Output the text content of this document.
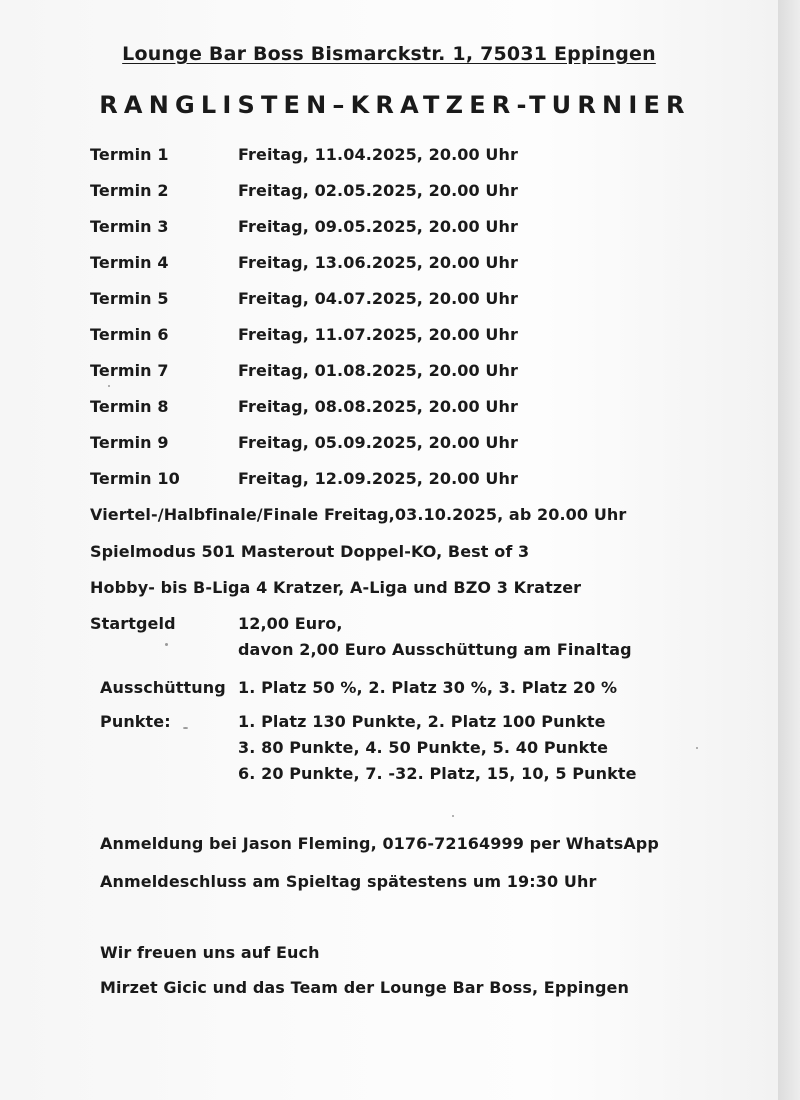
Lounge Bar Boss Bismarckstr. 1, 75031 Eppingen
RANGLISTEN–KRATZER-TURNIER
Termin 1	Freitag, 11.04.2025, 20.00 Uhr
Termin 2	Freitag, 02.05.2025, 20.00 Uhr
Termin 3	Freitag, 09.05.2025, 20.00 Uhr
Termin 4	Freitag, 13.06.2025, 20.00 Uhr
Termin 5	Freitag, 04.07.2025, 20.00 Uhr
Termin 6	Freitag, 11.07.2025, 20.00 Uhr
Termin 7	Freitag, 01.08.2025, 20.00 Uhr
Termin 8	Freitag, 08.08.2025, 20.00 Uhr
Termin 9	Freitag, 05.09.2025, 20.00 Uhr
Termin 10	Freitag, 12.09.2025, 20.00 Uhr
Viertel-/Halbfinale/Finale Freitag,03.10.2025, ab 20.00 Uhr
Spielmodus 501 Masterout Doppel-KO, Best of 3
Hobby- bis B-Liga 4 Kratzer, A-Liga und BZO 3 Kratzer
Startgeld	12,00 Euro,
davon 2,00 Euro Ausschüttung am Finaltag
Ausschüttung 1. Platz 50 %, 2. Platz 30 %, 3. Platz 20 %
Punkte:	1. Platz 130 Punkte, 2. Platz 100 Punkte
3. 80 Punkte, 4. 50 Punkte, 5. 40 Punkte
6. 20 Punkte, 7. -32. Platz, 15, 10, 5 Punkte
Anmeldung bei Jason Fleming, 0176-72164999 per WhatsApp
Anmeldeschluss am Spieltag spätestens um 19:30 Uhr
Wir freuen uns auf Euch
Mirzet Gicic und das Team der Lounge Bar Boss, Eppingen
